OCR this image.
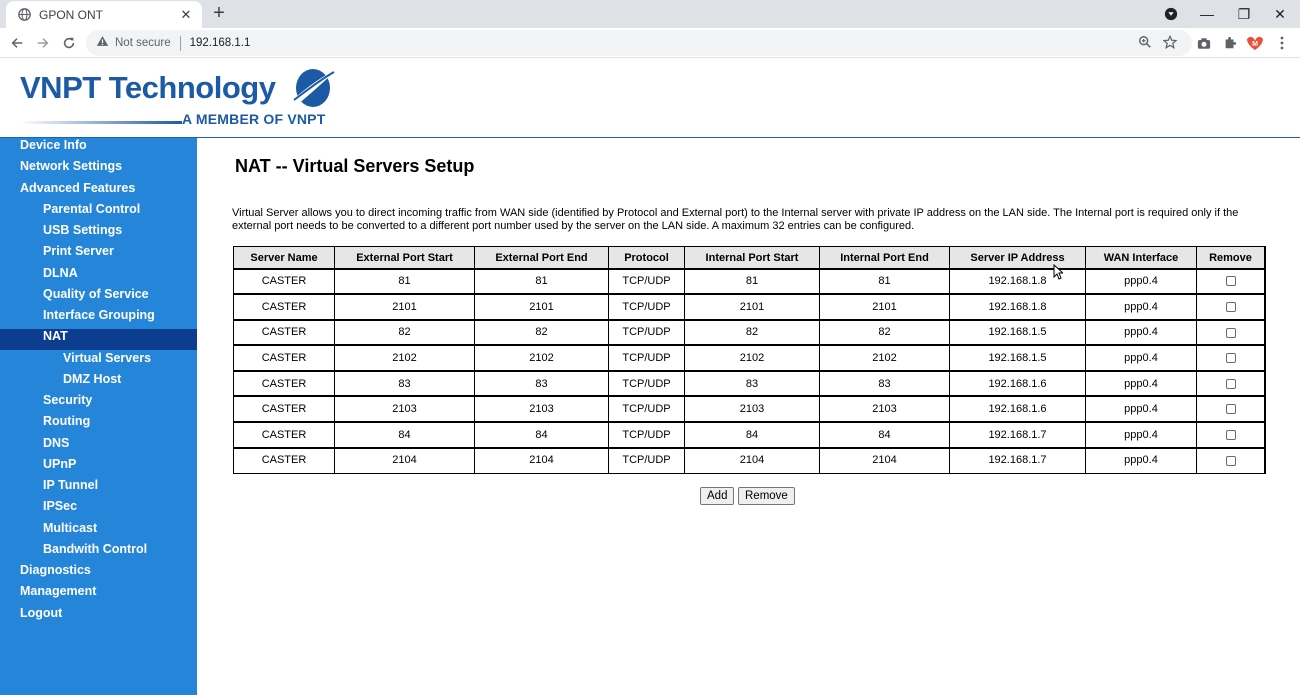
GPON ONT	✕ +	— ❐ ✕
Not secure 192.168.1.1	M
VNPT Technology
A MEMBER OF VNPT
Device Info
Network Settings
Advanced Features
Parental Control
USB Settings
Print Server
DLNA
Quality of Service
Interface Grouping
NAT
Virtual Servers
DMZ Host
Security
Routing
DNS
UPnP
IP Tunnel
IPSec
Multicast
Bandwith Control
Diagnostics
Management
Logout
NAT -- Virtual Servers Setup
Virtual Server allows you to direct incoming traffic from WAN side (identified by Protocol and External port) to the Internal server with private IP address on the LAN side. The Internal port is required only if the external port needs to be converted to a different port number used by the server on the LAN side. A maximum 32 entries can be configured.
Server Name	External Port Start	External Port End	Protocol	Internal Port Start	Internal Port End	Server IP Address	WAN Interface	Remove
CASTER	81	81	TCP/UDP	81	81	192.168.1.8	ppp0.4	
CASTER	2101	2101	TCP/UDP	2101	2101	192.168.1.8	ppp0.4	
CASTER	82	82	TCP/UDP	82	82	192.168.1.5	ppp0.4	
CASTER	2102	2102	TCP/UDP	2102	2102	192.168.1.5	ppp0.4	
CASTER	83	83	TCP/UDP	83	83	192.168.1.6	ppp0.4	
CASTER	2103	2103	TCP/UDP	2103	2103	192.168.1.6	ppp0.4	
CASTER	84	84	TCP/UDP	84	84	192.168.1.7	ppp0.4	
CASTER	2104	2104	TCP/UDP	2104	2104	192.168.1.7	ppp0.4	
Add	Remove
